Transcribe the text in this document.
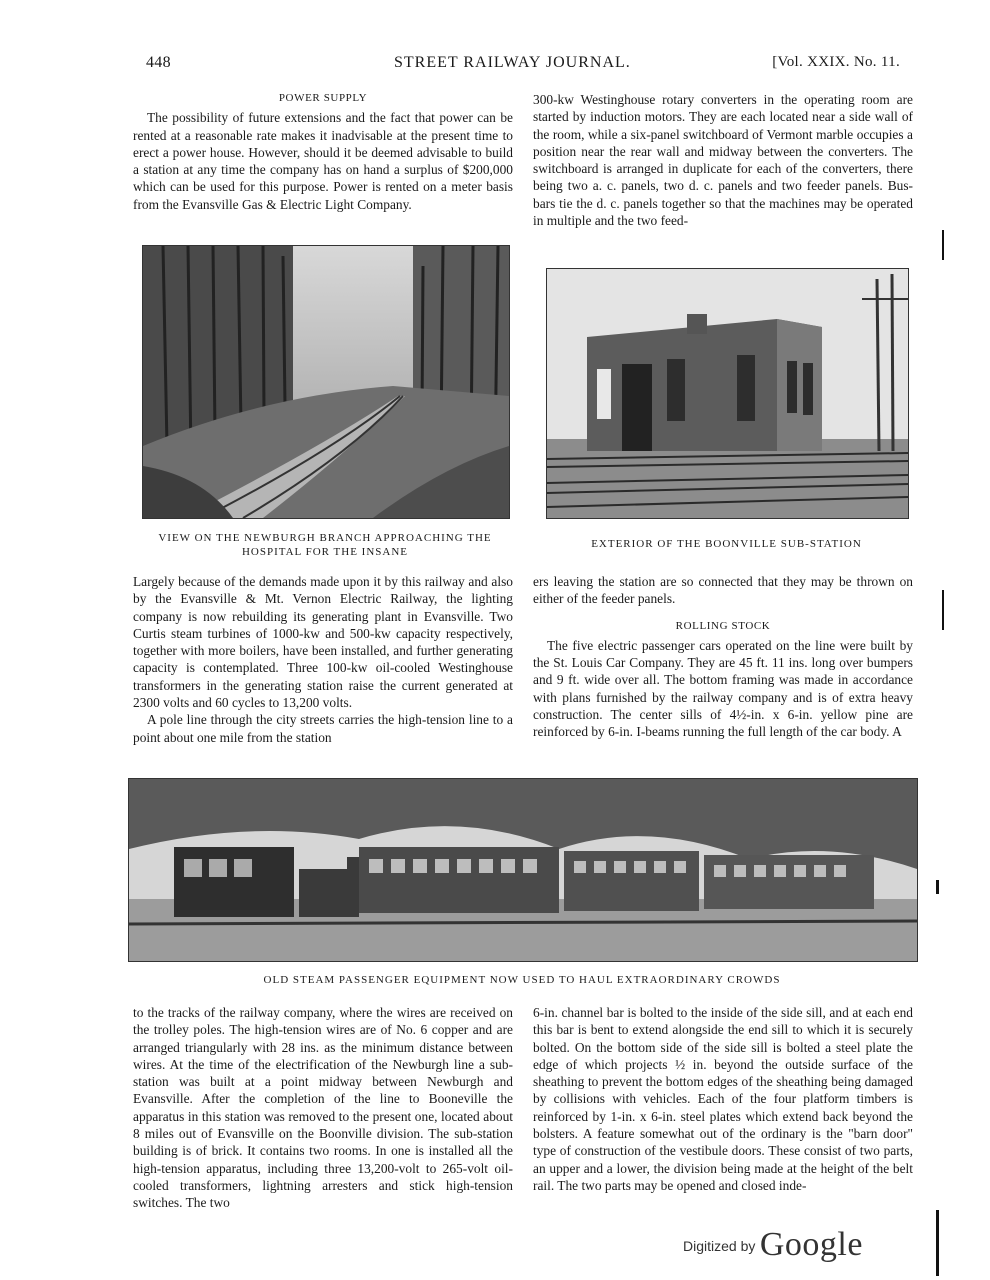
448	STREET RAILWAY JOURNAL.	[Vol. XXIX. No. 11.
POWER SUPPLY

The possibility of future extensions and the fact that power can be rented at a reasonable rate makes it inadvisable at the present time to erect a power house. However, should it be deemed advisable to build a station at any time the company has on hand a surplus of $200,000 which can be used for this purpose. Power is rented on a meter basis from the Evansville Gas & Electric Light Company.

300-kw Westinghouse rotary converters in the operating room are started by induction motors. They are each located near a side wall of the room, while a six-panel switchboard of Vermont marble occupies a position near the rear wall and midway between the converters. The switchboard is arranged in duplicate for each of the converters, there being two a. c. panels, two d. c. panels and two feeder panels. Bus-bars tie the d. c. panels together so that the machines may be operated in multiple and the two feed-

VIEW ON THE NEWBURGH BRANCH APPROACHING THE HOSPITAL FOR THE INSANE
EXTERIOR OF THE BOONVILLE SUB-STATION

Largely because of the demands made upon it by this railway and also by the Evansville & Mt. Vernon Electric Railway, the lighting company is now rebuilding its generating plant in Evansville. Two Curtis steam turbines of 1000-kw and 500-kw capacity respectively, together with more boilers, have been installed, and further generating capacity is contemplated. Three 100-kw oil-cooled Westinghouse transformers in the generating station raise the current generated at 2300 volts and 60 cycles to 13,200 volts.

A pole line through the city streets carries the high-tension line to a point about one mile from the station

ers leaving the station are so connected that they may be thrown on either of the feeder panels.

ROLLING STOCK

The five electric passenger cars operated on the line were built by the St. Louis Car Company. They are 45 ft. 11 ins. long over bumpers and 9 ft. wide over all. The bottom framing was made in accordance with plans furnished by the railway company and is of extra heavy construction. The center sills of 4½-in. x 6-in. yellow pine are reinforced by 6-in. I-beams running the full length of the car body. A

OLD STEAM PASSENGER EQUIPMENT NOW USED TO HAUL EXTRAORDINARY CROWDS

to the tracks of the railway company, where the wires are received on the trolley poles. The high-tension wires are of No. 6 copper and are arranged triangularly with 28 ins. as the minimum distance between wires. At the time of the electrification of the Newburgh line a sub-station was built at a point midway between Newburgh and Evansville. After the completion of the line to Booneville the apparatus in this station was removed to the present one, located about 8 miles out of Evansville on the Boonville division. The sub-station building is of brick. It contains two rooms. In one is installed all the high-tension apparatus, including three 13,200-volt to 265-volt oil-cooled transformers, lightning arresters and stick high-tension switches. The two

6-in. channel bar is bolted to the inside of the side sill, and at each end this bar is bent to extend alongside the end sill to which it is securely bolted. On the bottom side of the side sill is bolted a steel plate the edge of which projects ½ in. beyond the outside surface of the sheathing to prevent the bottom edges of the sheathing being damaged by collisions with vehicles. Each of the four platform timbers is reinforced by 1-in. x 6-in. steel plates which extend back beyond the bolsters. A feature somewhat out of the ordinary is the "barn door" type of construction of the vestibule doors. These consist of two parts, an upper and a lower, the division being made at the height of the belt rail. The two parts may be opened and closed inde-

Digitized by Google
